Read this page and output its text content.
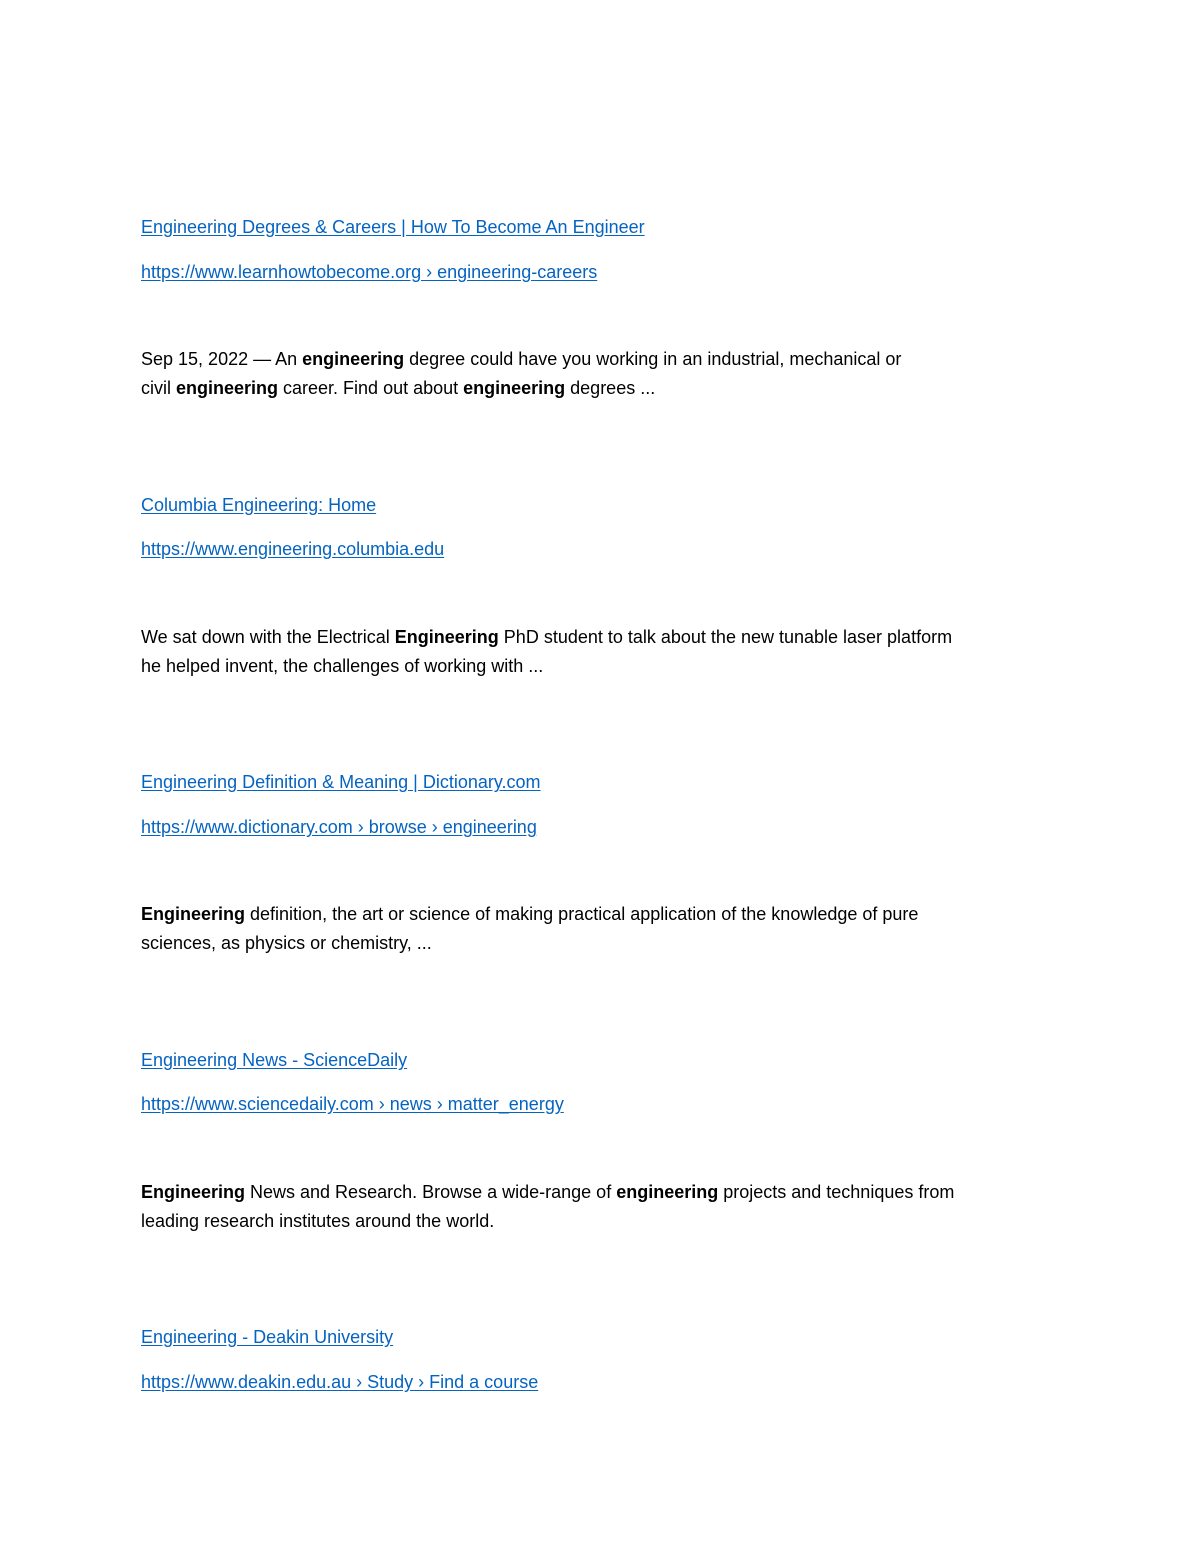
Engineering Degrees & Careers | How To Become An Engineer
https://www.learnhowtobecome.org › engineering-careers
Sep 15, 2022 — An engineering degree could have you working in an industrial, mechanical or
civil engineering career. Find out about engineering degrees ...
Columbia Engineering: Home
https://www.engineering.columbia.edu
We sat down with the Electrical Engineering PhD student to talk about the new tunable laser platform
he helped invent, the challenges of working with ...
Engineering Definition & Meaning | Dictionary.com
https://www.dictionary.com › browse › engineering
Engineering definition, the art or science of making practical application of the knowledge of pure
sciences, as physics or chemistry, ...
Engineering News - ScienceDaily
https://www.sciencedaily.com › news › matter_energy
Engineering News and Research. Browse a wide-range of engineering projects and techniques from
leading research institutes around the world.
Engineering - Deakin University
https://www.deakin.edu.au › Study › Find a course
